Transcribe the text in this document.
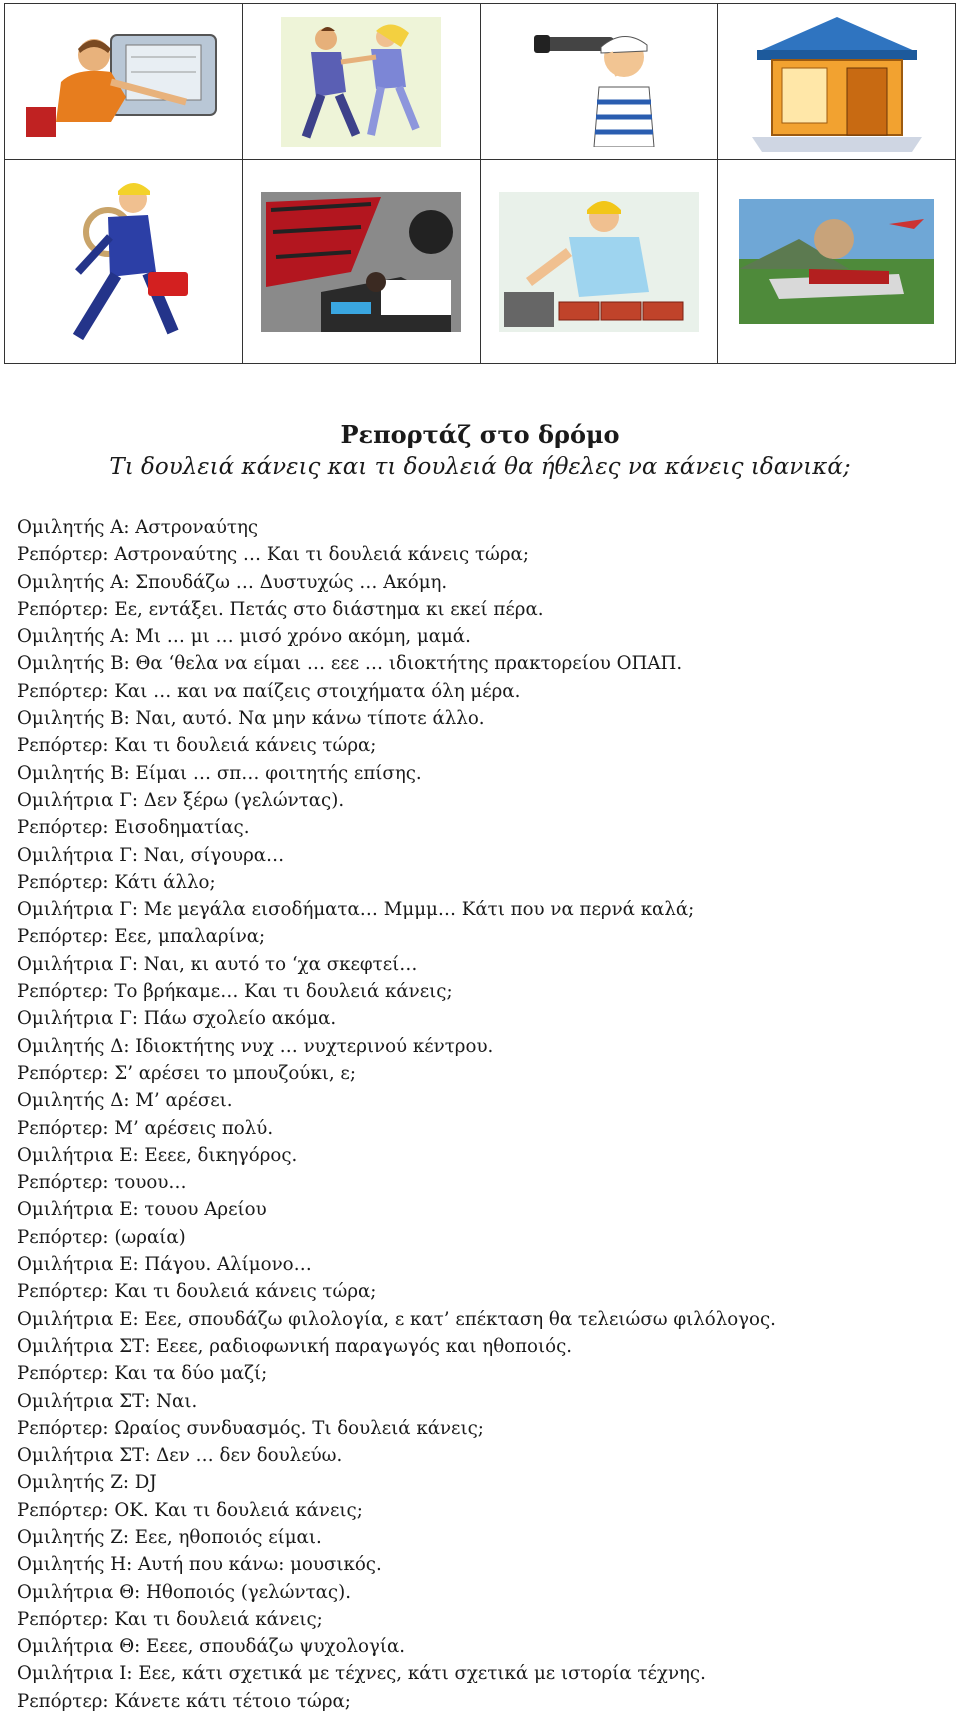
Ρεπορτάζ στο δρόμο
Τι δουλειά κάνεις και τι δουλειά θα ήθελες να κάνεις ιδανικά;
Ομιλητής Α: Αστροναύτης
Ρεπόρτερ: Αστροναύτης … Και τι δουλειά κάνεις τώρα;
Ομιλητής Α: Σπουδάζω … Δυστυχώς … Ακόμη.
Ρεπόρτερ: Εε, εντάξει. Πετάς στο διάστημα κι εκεί πέρα.
Ομιλητής Α: Μι … μι … μισό χρόνο ακόμη, μαμά.
Ομιλητής Β: Θα ‘θελα να είμαι … εεε … ιδιοκτήτης πρακτορείου ΟΠΑΠ.
Ρεπόρτερ: Και … και να παίζεις στοιχήματα όλη μέρα.
Ομιλητής Β: Ναι, αυτό. Να μην κάνω τίποτε άλλο.
Ρεπόρτερ: Και τι δουλειά κάνεις τώρα;
Ομιλητής Β: Είμαι … σπ… φοιτητής επίσης.
Ομιλήτρια Γ: Δεν ξέρω (γελώντας).
Ρεπόρτερ: Εισοδηματίας.
Ομιλήτρια Γ: Ναι, σίγουρα…
Ρεπόρτερ: Κάτι άλλο;
Ομιλήτρια Γ: Με μεγάλα εισοδήματα… Μμμμ… Κάτι που να περνά καλά;
Ρεπόρτερ: Εεε, μπαλαρίνα;
Ομιλήτρια Γ: Ναι, κι αυτό το ‘χα σκεφτεί…
Ρεπόρτερ: Το βρήκαμε… Και τι δουλειά κάνεις;
Ομιλήτρια Γ: Πάω σχολείο ακόμα.
Ομιλητής Δ: Ιδιοκτήτης νυχ … νυχτερινού κέντρου.
Ρεπόρτερ: Σ’ αρέσει το μπουζούκι, ε;
Ομιλητής Δ: Μ’ αρέσει.
Ρεπόρτερ: Μ’ αρέσεις πολύ.
Ομιλήτρια Ε: Εεεε, δικηγόρος.
Ρεπόρτερ: τουου…
Ομιλήτρια Ε: τουου Αρείου
Ρεπόρτερ: (ωραία)
Ομιλήτρια Ε: Πάγου. Αλίμονο…
Ρεπόρτερ: Και τι δουλειά κάνεις τώρα;
Ομιλήτρια Ε: Εεε, σπουδάζω φιλολογία, ε κατ’ επέκταση θα τελειώσω φιλόλογος.
Ομιλήτρια ΣΤ: Εεεε, ραδιοφωνική παραγωγός και ηθοποιός.
Ρεπόρτερ: Και τα δύο μαζί;
Ομιλήτρια ΣΤ: Ναι.
Ρεπόρτερ: Ωραίος συνδυασμός. Τι δουλειά κάνεις;
Ομιλήτρια ΣΤ: Δεν … δεν δουλεύω.
Ομιλητής Ζ: DJ
Ρεπόρτερ: ΟΚ. Και τι δουλειά κάνεις;
Ομιλητής Ζ: Εεε, ηθοποιός είμαι.
Ομιλητής Η: Αυτή που κάνω: μουσικός.
Ομιλήτρια Θ: Ηθοποιός (γελώντας).
Ρεπόρτερ: Και τι δουλειά κάνεις;
Ομιλήτρια Θ: Εεεε, σπουδάζω ψυχολογία.
Ομιλήτρια Ι: Εεε, κάτι σχετικά με τέχνες, κάτι σχετικά με ιστορία τέχνης.
Ρεπόρτερ: Κάνετε κάτι τέτοιο τώρα;
